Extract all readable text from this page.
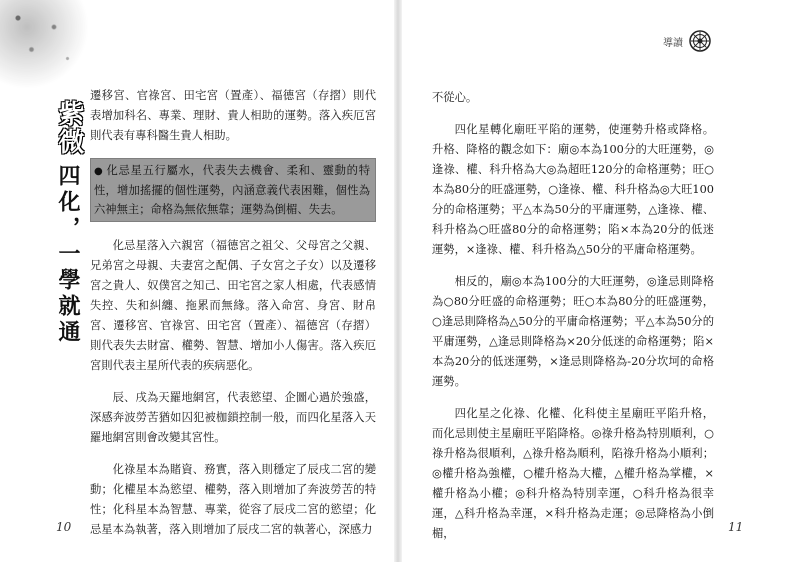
紫微
四化，一學就通

遷移宮、官祿宮、田宅宮（置產）、福德宮（存摺）則代表增加科名、專業、理財、貴人相助的運勢。落入疾厄宮則代表有專科醫生貴人相助。

● 化忌星五行屬水，代表失去機會、柔和、靈動的特性，增加搖擺的個性運勢，內涵意義代表困難，個性為六神無主；命格為無依無靠；運勢為倒楣、失去。

化忌星落入六親宮（福德宮之祖父、父母宮之父親、兄弟宮之母親、夫妻宮之配偶、子女宮之子女）以及遷移宮之貴人、奴僕宮之知己、田宅宮之家人相處，代表感情失控、失和糾纏、拖累而無緣。落入命宮、身宮、財帛宮、遷移宮、官祿宮、田宅宮（置產）、福德宮（存摺）則代表失去財富、權勢、智慧、增加小人傷害。落入疾厄宮則代表主星所代表的疾病惡化。

辰、戌為天羅地網宮，代表慾望、企圖心過於強盛，深感奔波勞苦猶如囚犯被枷鎖控制一般，而四化星落入天羅地網宮則會改變其宮性。

化祿星本為賭資、務實，落入則穩定了辰戌二宮的變動；化權星本為慾望、權勢，落入則增加了奔波勞苦的特性；化科星本為智慧、專業，從容了辰戌二宮的慾望；化忌星本為執著，落入則增加了辰戌二宮的執著心，深感力

10
導讀

不從心。

四化星轉化廟旺平陷的運勢，使運勢升格或降格。升格、降格的觀念如下：廟◎本為100分的大旺運勢，◎逢祿、權、科升格為大◎為超旺120分的命格運勢；旺○本為80分的旺盛運勢，○逢祿、權、科升格為◎大旺100分的命格運勢；平△本為50分的平庸運勢，△逢祿、權、科升格為○旺盛80分的命格運勢；陷×本為20分的低迷運勢，×逢祿、權、科升格為△50分的平庸命格運勢。

相反的，廟◎本為100分的大旺運勢，◎逢忌則降格為○80分旺盛的命格運勢；旺○本為80分的旺盛運勢，○逢忌則降格為△50分的平庸命格運勢；平△本為50分的平庸運勢，△逢忌則降格為×20分低迷的命格運勢；陷×本為20分的低迷運勢，×逢忌則降格為-20分坎坷的命格運勢。

四化星之化祿、化權、化科使主星廟旺平陷升格，而化忌則使主星廟旺平陷降格。◎祿升格為特別順利，○祿升格為很順利，△祿升格為順利，陷祿升格為小順利；◎權升格為強權，○權升格為大權，△權升格為掌權，×權升格為小權；◎科升格為特別幸運，○科升格為很幸運，△科升格為幸運，×科升格為走運；◎忌降格為小倒楣，	11
